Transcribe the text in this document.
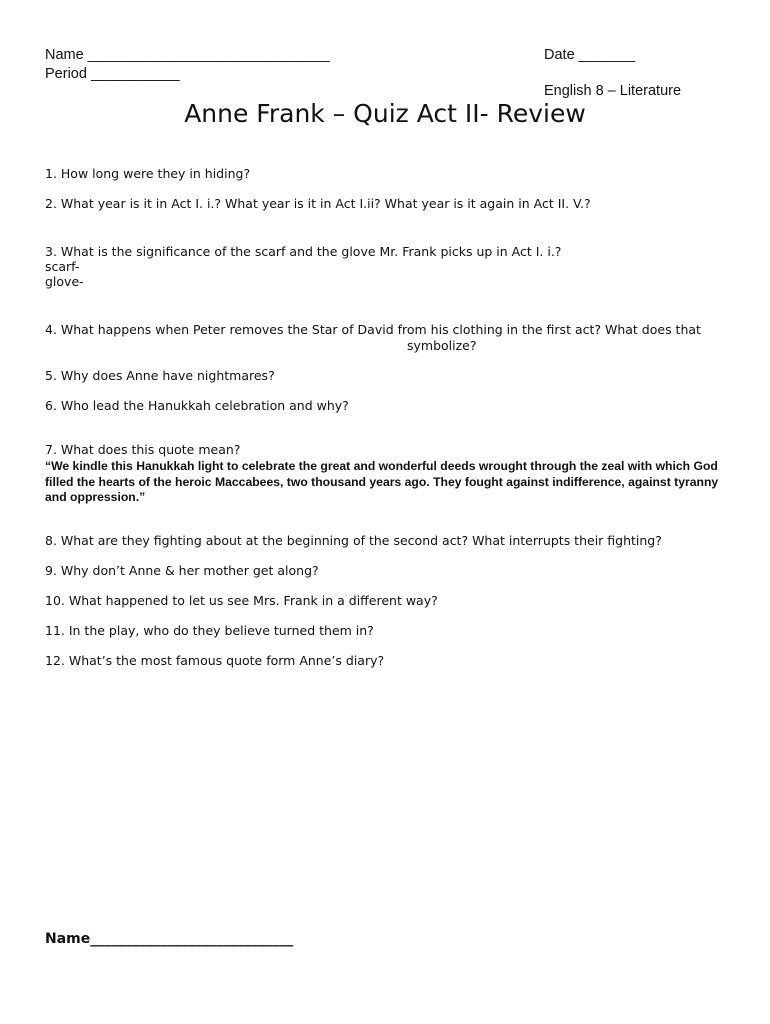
Name ______________________________
Period ___________
Date _______
English 8 – Literature
Anne Frank – Quiz Act II- Review
1. How long were they in hiding?
2. What year is it in Act I. i.? What year is it in Act I.ii? What year is it again in Act II. V.?
3. What is the significance of the scarf and the glove Mr. Frank picks up in Act I. i.?
scarf-
glove-
4. What happens when Peter removes the Star of David from his clothing in the first act? What does that
symbolize?
5. Why does Anne have nightmares?
6. Who lead the Hanukkah celebration and why?
7. What does this quote mean?
“We kindle this Hanukkah light to celebrate the great and wonderful deeds wrought through the zeal with which God filled the hearts of the heroic Maccabees, two thousand years ago. They fought against indifference, against tyranny and oppression.”
8. What are they fighting about at the beginning of the second act? What interrupts their fighting?
9. Why don’t Anne & her mother get along?
10. What happened to let us see Mrs. Frank in a different way?
11. In the play, who do they believe turned them in?
12. What’s the most famous quote form Anne’s diary?
Name_____________________________
